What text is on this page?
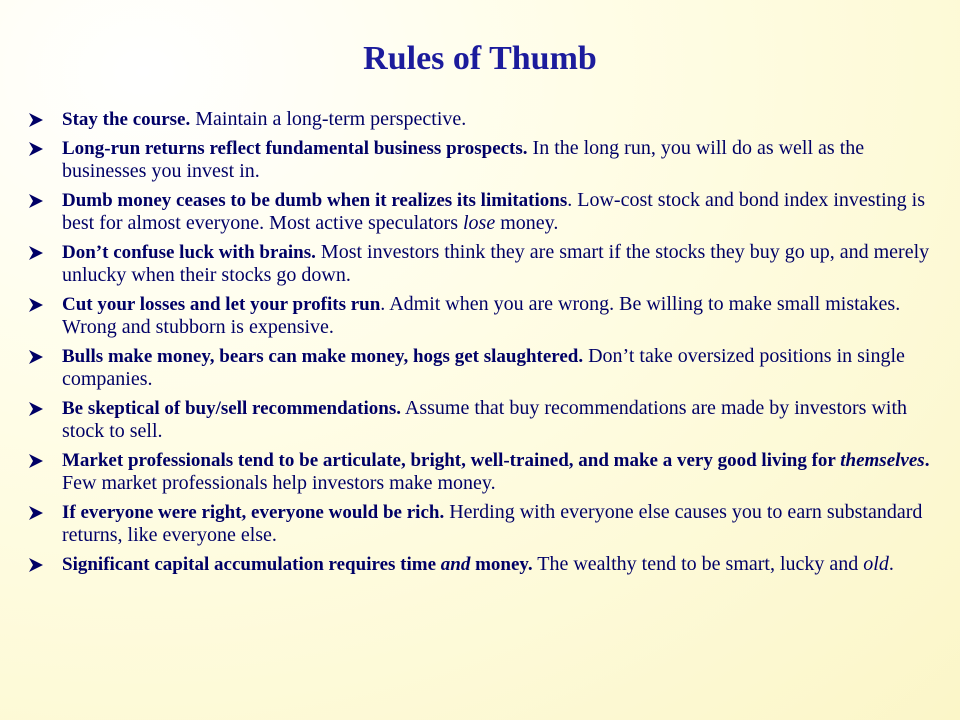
Rules of Thumb
Stay the course. Maintain a long-term perspective.
Long-run returns reflect fundamental business prospects. In the long run, you will do as well as the businesses you invest in.
Dumb money ceases to be dumb when it realizes its limitations. Low-cost stock and bond index investing is best for almost everyone. Most active speculators lose money.
Don’t confuse luck with brains. Most investors think they are smart if the stocks they buy go up, and merely unlucky when their stocks go down.
Cut your losses and let your profits run. Admit when you are wrong. Be willing to make small mistakes. Wrong and stubborn is expensive.
Bulls make money, bears can make money, hogs get slaughtered. Don’t take oversized positions in single companies.
Be skeptical of buy/sell recommendations. Assume that buy recommendations are made by investors with stock to sell.
Market professionals tend to be articulate, bright, well-trained, and make a very good living for themselves. Few market professionals help investors make money.
If everyone were right, everyone would be rich. Herding with everyone else causes you to earn substandard returns, like everyone else.
Significant capital accumulation requires time and money. The wealthy tend to be smart, lucky and old.
